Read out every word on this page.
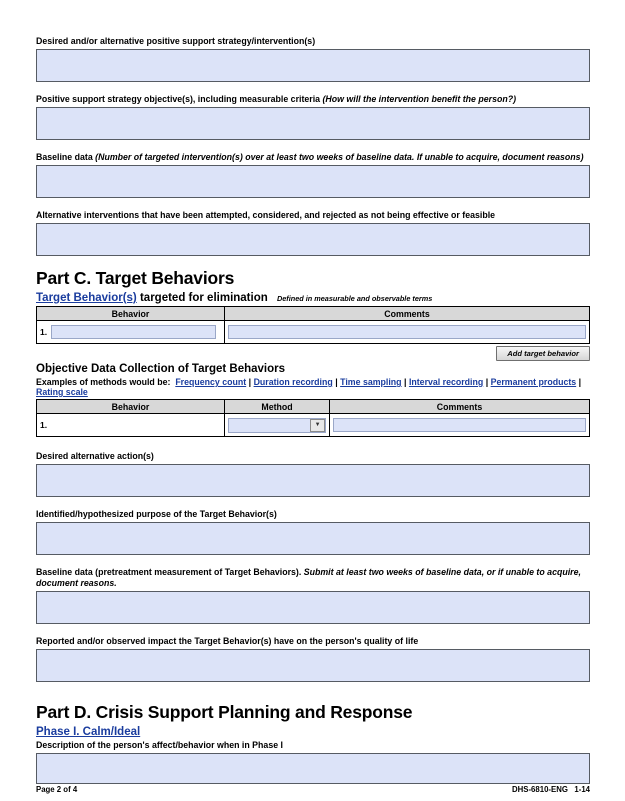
Desired and/or alternative positive support strategy/intervention(s)
Positive support strategy objective(s), including measurable criteria (How will the intervention benefit the person?)
Baseline data (Number of targeted intervention(s) over at least two weeks of baseline data. If unable to acquire, document reasons)
Alternative interventions that have been attempted, considered, and rejected as not being effective or feasible
Part C. Target Behaviors
Target Behavior(s) targeted for elimination Defined in measurable and observable terms
Behavior	Comments
1.	
Add target behavior
Objective Data Collection of Target Behaviors
Examples of methods would be: Frequency count | Duration recording | Time sampling | Interval recording | Permanent products | Rating scale
Behavior	Method	Comments
1.	▼	

Desired alternative action(s)
Identified/hypothesized purpose of the Target Behavior(s)
Baseline data (pretreatment measurement of Target Behaviors). Submit at least two weeks of baseline data, or if unable to acquire, document reasons.
Reported and/or observed impact the Target Behavior(s) have on the person's quality of life
Part D. Crisis Support Planning and Response
Phase I. Calm/Ideal
Description of the person's affect/behavior when in Phase I
Page 2 of 4	DHS-6810-ENG   1-14
